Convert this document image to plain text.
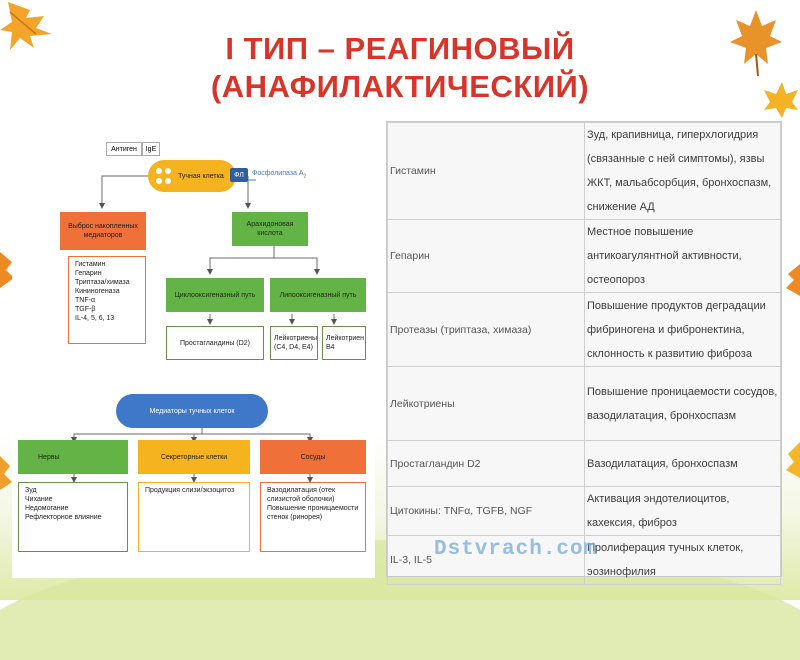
I ТИП – РЕАГИНОВЫЙ
(АНАФИЛАКТИЧЕСКИЙ)
Антиген	IgE
Тучная клетка	ФЛ	Фосфолипаза $А_2$
Выброс накопленных медиаторов
Гистамин
Гепарин
Триптаза/химаза
Кининогеназа
TNF-α
TGF-β
IL-4, 5, 6, 13
Арахидоновая кислота
Циклооксигеназный путь	Липооксигеназный путь
Простагландины (D2)
Лейкотриены (C4, D4, E4)
Лейкотриен B4
Медиаторы тучных клеток
Нервы	Секреторные клетки	Сосуды
Зуд
Чихание
Недомогание
Рефлекторное влияние
Продукция слизи/экзоцитоз	Вазодилатация (отек слизистой оболочки)
Повышение проницаемости стенок (ринорея)
Гистамин	Зуд, крапивница, гиперхлогидрия (связанные с ней симптомы), язвы ЖКТ, мальабсорбция, бронхоспазм, снижение АД
Гепарин	Местное повышение антикоагулянтной активности, остеопороз
Протеазы (триптаза, химаза)	Повышение продуктов деградации фибриногена и фибронектина, склонность к развитию фиброза
Лейкотриены	Повышение проницаемости сосудов, вазодилатация, бронхоспазм
Простагландин D2	Вазодилатация, бронхоспазм
Цитокины: TNFα, TGFB, NGF	Активация эндотелиоцитов, кахексия, фиброз
IL-3, IL-5	Пролиферация тучных клеток, эозинофилия
Dstvrach.com
